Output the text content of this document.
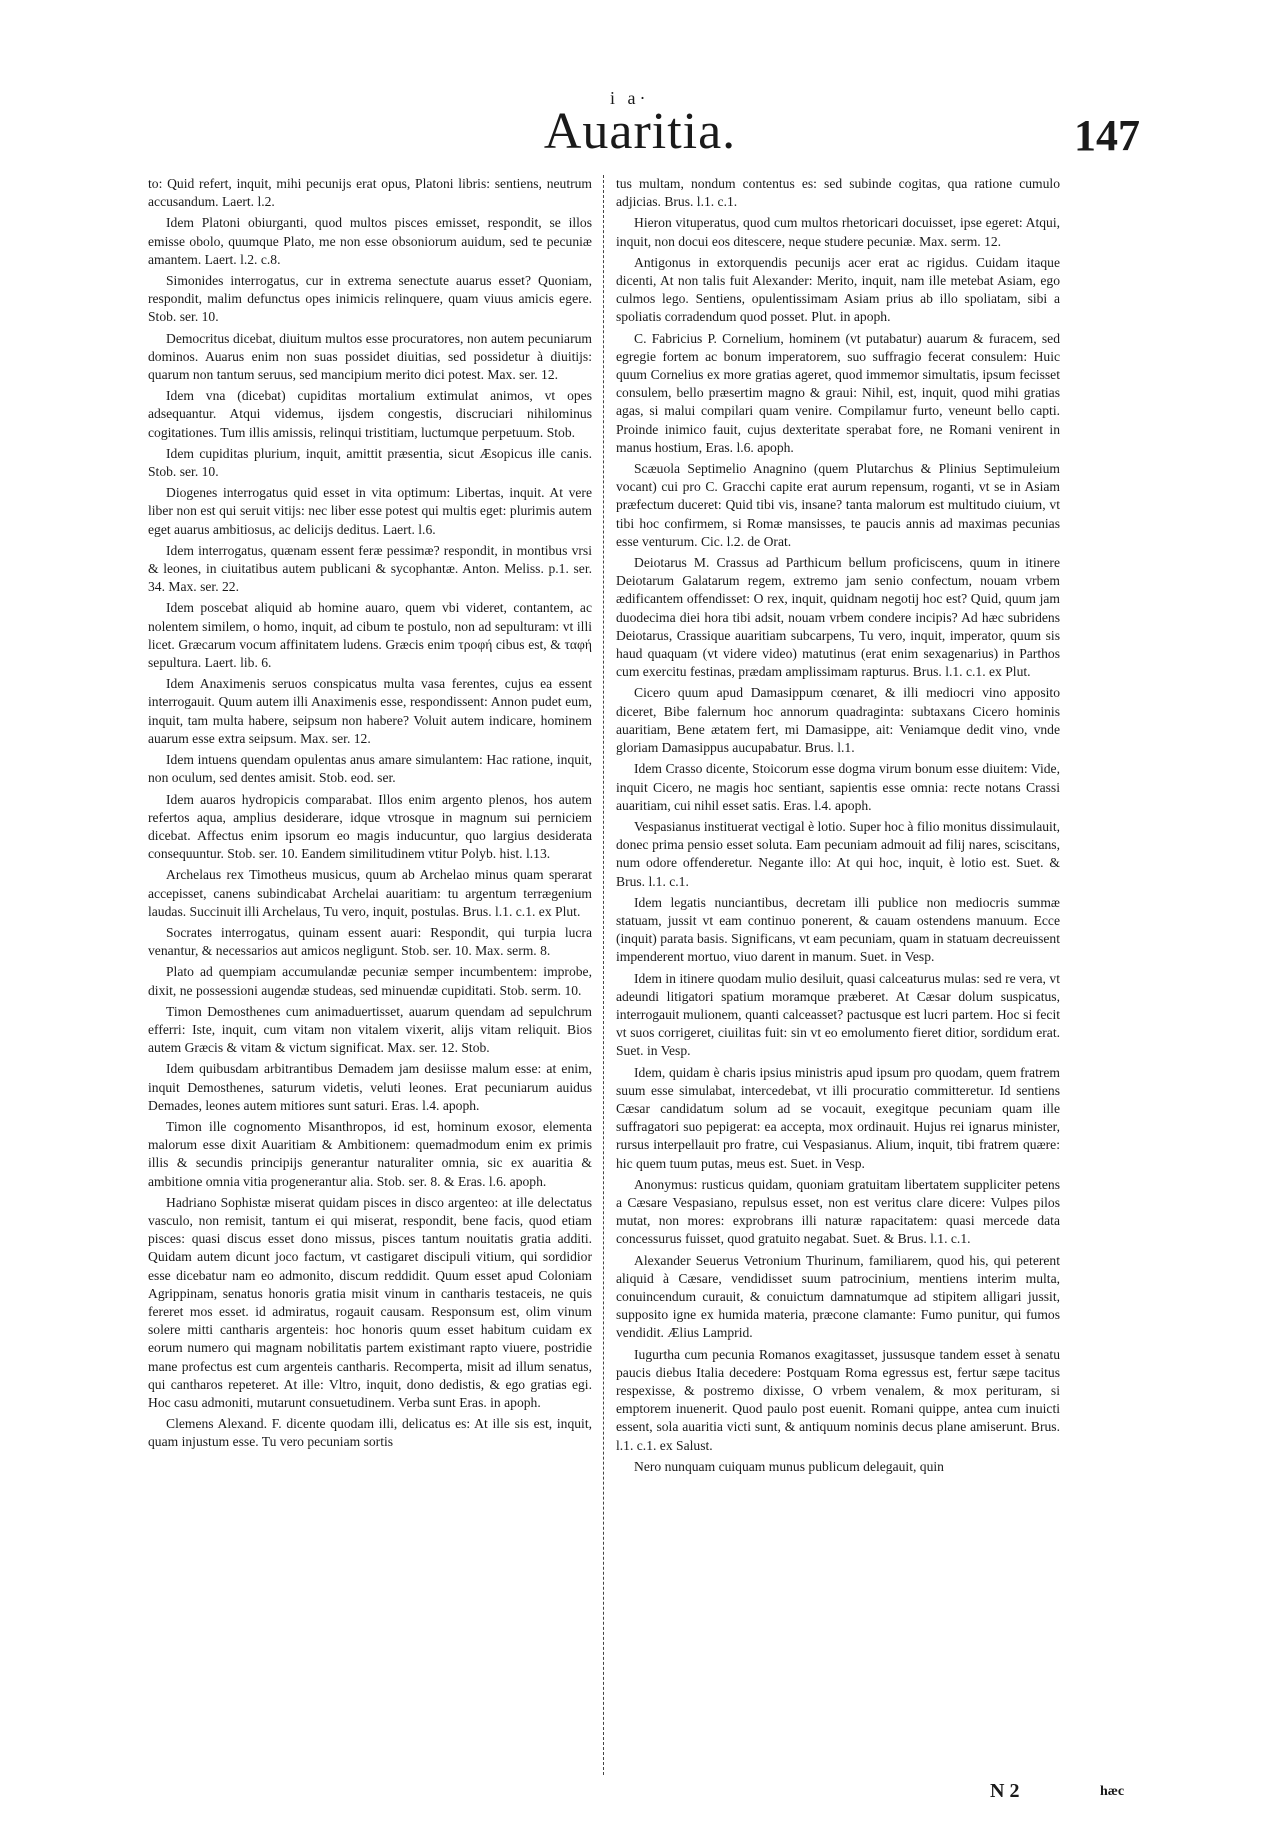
i a·
Auaritia.	147

to: Quid refert, inquit, mihi pecunijs erat opus, Platoni libris: sentiens, neutrum accusandum. Laert. l.2.

Idem Platoni obiurganti, quod multos pisces emisset, respondit, se illos emisse obolo, quumque Plato, me non esse obsoniorum auidum, sed te pecuniæ amantem. Laert. l.2. c.8.

Simonides interrogatus, cur in extrema senectute auarus esset? Quoniam, respondit, malim defunctus opes inimicis relinquere, quam viuus amicis egere. Stob. ser. 10.

Democritus dicebat, diuitum multos esse procuratores, non autem pecuniarum dominos. Auarus enim non suas possidet diuitias, sed possidetur à diuitijs: quarum non tantum seruus, sed mancipium merito dici potest. Max. ser. 12.

Idem vna (dicebat) cupiditas mortalium extimulat animos, vt opes adsequantur. Atqui videmus, ijsdem congestis, discruciari nihilominus cogitationes. Tum illis amissis, relinqui tristitiam, luctumque perpetuum. Stob.

Idem cupiditas plurium, inquit, amittit præsentia, sicut Æsopicus ille canis. Stob. ser. 10.

Diogenes interrogatus quid esset in vita optimum: Libertas, inquit. At vere liber non est qui seruit vitijs: nec liber esse potest qui multis eget: plurimis autem eget auarus ambitiosus, ac delicijs deditus. Laert. l.6.

Idem interrogatus, quænam essent feræ pessimæ? respondit, in montibus vrsi & leones, in ciuitatibus autem publicani & sycophantæ. Anton. Meliss. p.1. ser. 34. Max. ser. 22.

Idem poscebat aliquid ab homine auaro, quem vbi videret, contantem, ac nolentem similem, o homo, inquit, ad cibum te postulo, non ad sepulturam: vt illi licet. Græcarum vocum affinitatem ludens. Græcis enim τροφή cibus est, & ταφή sepultura. Laert. lib. 6.

Idem Anaximenis seruos conspicatus multa vasa ferentes, cujus ea essent interrogauit. Quum autem illi Anaximenis esse, respondissent: Annon pudet eum, inquit, tam multa habere, seipsum non habere? Voluit autem indicare, hominem auarum esse extra seipsum. Max. ser. 12.

Idem intuens quendam opulentas anus amare simulantem: Hac ratione, inquit, non oculum, sed dentes amisit. Stob. eod. ser.

Idem auaros hydropicis comparabat. Illos enim argento plenos, hos autem refertos aqua, amplius desiderare, idque vtrosque in magnum sui perniciem dicebat. Affectus enim ipsorum eo magis inducuntur, quo largius desiderata consequuntur. Stob. ser. 10. Eandem similitudinem vtitur Polyb. hist. l.13.

Archelaus rex Timotheus musicus, quum ab Archelao minus quam sperarat accepisset, canens subindicabat Archelai auaritiam: tu argentum terrægenium laudas. Succinuit illi Archelaus, Tu vero, inquit, postulas. Brus. l.1. c.1. ex Plut.

Socrates interrogatus, quinam essent auari: Respondit, qui turpia lucra venantur, & necessarios aut amicos negligunt. Stob. ser. 10. Max. serm. 8.

Plato ad quempiam accumulandæ pecuniæ semper incumbentem: improbe, dixit, ne possessioni augendæ studeas, sed minuendæ cupiditati. Stob. serm. 10.

Timon Demosthenes cum animaduertisset, auarum quendam ad sepulchrum efferri: Iste, inquit, cum vitam non vitalem vixerit, alijs vitam reliquit. Bios autem Græcis & vitam & victum significat. Max. ser. 12. Stob.

Idem quibusdam arbitrantibus Demadem jam desiisse malum esse: at enim, inquit Demosthenes, saturum videtis, veluti leones. Erat pecuniarum auidus Demades, leones autem mitiores sunt saturi. Eras. l.4. apoph.

Timon ille cognomento Misanthropos, id est, hominum exosor, elementa malorum esse dixit Auaritiam & Ambitionem: quemadmodum enim ex primis illis & secundis principijs generantur naturaliter omnia, sic ex auaritia & ambitione omnia vitia progenerantur alia. Stob. ser. 8. & Eras. l.6. apoph.

Hadriano Sophistæ miserat quidam pisces in disco argenteo: at ille delectatus vasculo, non remisit, tantum ei qui miserat, respondit, bene facis, quod etiam pisces: quasi discus esset dono missus, pisces tantum nouitatis gratia additi. Quidam autem dicunt joco factum, vt castigaret discipuli vitium, qui sordidior esse dicebatur nam eo admonito, discum reddidit. Quum esset apud Coloniam Agrippinam, senatus honoris gratia misit vinum in cantharis testaceis, ne quis fereret mos esset. id admiratus, rogauit causam. Responsum est, olim vinum solere mitti cantharis argenteis: hoc honoris quum esset habitum cuidam ex eorum numero qui magnam nobilitatis partem existimant rapto viuere, postridie mane profectus est cum argenteis cantharis. Recomperta, misit ad illum senatus, qui cantharos repeteret. At ille: Vltro, inquit, dono dedistis, & ego gratias egi. Hoc casu admoniti, mutarunt consuetudinem. Verba sunt Eras. in apoph.

Clemens Alexand. F. dicente quodam illi, delicatus es: At ille sis est, inquit, quam injustum esse. Tu vero pecuniam sortis

tus multam, nondum contentus es: sed subinde cogitas, qua ratione cumulo adjicias. Brus. l.1. c.1.

Hieron vituperatus, quod cum multos rhetoricari docuisset, ipse egeret: Atqui, inquit, non docui eos ditescere, neque studere pecuniæ. Max. serm. 12.

Antigonus in extorquendis pecunijs acer erat ac rigidus. Cuidam itaque dicenti, At non talis fuit Alexander: Merito, inquit, nam ille metebat Asiam, ego culmos lego. Sentiens, opulentissimam Asiam prius ab illo spoliatam, sibi a spoliatis corradendum quod posset. Plut. in apoph.

C. Fabricius P. Cornelium, hominem (vt putabatur) auarum & furacem, sed egregie fortem ac bonum imperatorem, suo suffragio fecerat consulem: Huic quum Cornelius ex more gratias ageret, quod immemor simultatis, ipsum fecisset consulem, bello præsertim magno & graui: Nihil, est, inquit, quod mihi gratias agas, si malui compilari quam venire. Compilamur furto, veneunt bello capti. Proinde inimico fauit, cujus dexteritate sperabat fore, ne Romani venirent in manus hostium, Eras. l.6. apoph.

Scæuola Septimelio Anagnino (quem Plutarchus & Plinius Septimuleium vocant) cui pro C. Gracchi capite erat aurum repensum, roganti, vt se in Asiam præfectum duceret: Quid tibi vis, insane? tanta malorum est multitudo ciuium, vt tibi hoc confirmem, si Romæ mansisses, te paucis annis ad maximas pecunias esse venturum. Cic. l.2. de Orat.

Deiotarus M. Crassus ad Parthicum bellum proficiscens, quum in itinere Deiotarum Galatarum regem, extremo jam senio confectum, nouam vrbem ædificantem offendisset: O rex, inquit, quidnam negotij hoc est? Quid, quum jam duodecima diei hora tibi adsit, nouam vrbem condere incipis? Ad hæc subridens Deiotarus, Crassique auaritiam subcarpens, Tu vero, inquit, imperator, quum sis haud quaquam (vt videre video) matutinus (erat enim sexagenarius) in Parthos cum exercitu festinas, prædam amplissimam rapturus. Brus. l.1. c.1. ex Plut.

Cicero quum apud Damasippum cœnaret, & illi mediocri vino apposito diceret, Bibe falernum hoc annorum quadraginta: subtaxans Cicero hominis auaritiam, Bene ætatem fert, mi Damasippe, ait: Veniamque dedit vino, vnde gloriam Damasippus aucupabatur. Brus. l.1.

Idem Crasso dicente, Stoicorum esse dogma virum bonum esse diuitem: Vide, inquit Cicero, ne magis hoc sentiant, sapientis esse omnia: recte notans Crassi auaritiam, cui nihil esset satis. Eras. l.4. apoph.

Vespasianus instituerat vectigal è lotio. Super hoc à filio monitus dissimulauit, donec prima pensio esset soluta. Eam pecuniam admouit ad filij nares, sciscitans, num odore offenderetur. Negante illo: At qui hoc, inquit, è lotio est. Suet. & Brus. l.1. c.1.

Idem legatis nunciantibus, decretam illi publice non mediocris summæ statuam, jussit vt eam continuo ponerent, & cauam ostendens manuum. Ecce (inquit) parata basis. Significans, vt eam pecuniam, quam in statuam decreuissent impenderent mortuo, viuo darent in manum. Suet. in Vesp.

Idem in itinere quodam mulio desiluit, quasi calceaturus mulas: sed re vera, vt adeundi litigatori spatium moramque præberet. At Cæsar dolum suspicatus, interrogauit mulionem, quanti calceasset? pactusque est lucri partem. Hoc si fecit vt suos corrigeret, ciuilitas fuit: sin vt eo emolumento fieret ditior, sordidum erat. Suet. in Vesp.

Idem, quidam è charis ipsius ministris apud ipsum pro quodam, quem fratrem suum esse simulabat, intercedebat, vt illi procuratio committeretur. Id sentiens Cæsar candidatum solum ad se vocauit, exegitque pecuniam quam ille suffragatori suo pepigerat: ea accepta, mox ordinauit. Hujus rei ignarus minister, rursus interpellauit pro fratre, cui Vespasianus. Alium, inquit, tibi fratrem quære: hic quem tuum putas, meus est. Suet. in Vesp.

Anonymus: rusticus quidam, quoniam gratuitam libertatem suppliciter petens a Cæsare Vespasiano, repulsus esset, non est veritus clare dicere: Vulpes pilos mutat, non mores: exprobrans illi naturæ rapacitatem: quasi mercede data concessurus fuisset, quod gratuito negabat. Suet. & Brus. l.1. c.1.

Alexander Seuerus Vetronium Thurinum, familiarem, quod his, qui peterent aliquid à Cæsare, vendidisset suum patrocinium, mentiens interim multa, conuincendum curauit, & conuictum damnatumque ad stipitem alligari jussit, supposito igne ex humida materia, præcone clamante: Fumo punitur, qui fumos vendidit. Ælius Lamprid.

Iugurtha cum pecunia Romanos exagitasset, jussusque tandem esset à senatu paucis diebus Italia decedere: Postquam Roma egressus est, fertur sæpe tacitus respexisse, & postremo dixisse, O vrbem venalem, & mox perituram, si emptorem inuenerit. Quod paulo post euenit. Romani quippe, antea cum inuicti essent, sola auaritia victi sunt, & antiquum nominis decus plane amiserunt. Brus. l.1. c.1. ex Salust.

Nero nunquam cuiquam munus publicum delegauit, quin

N 2	hæc
